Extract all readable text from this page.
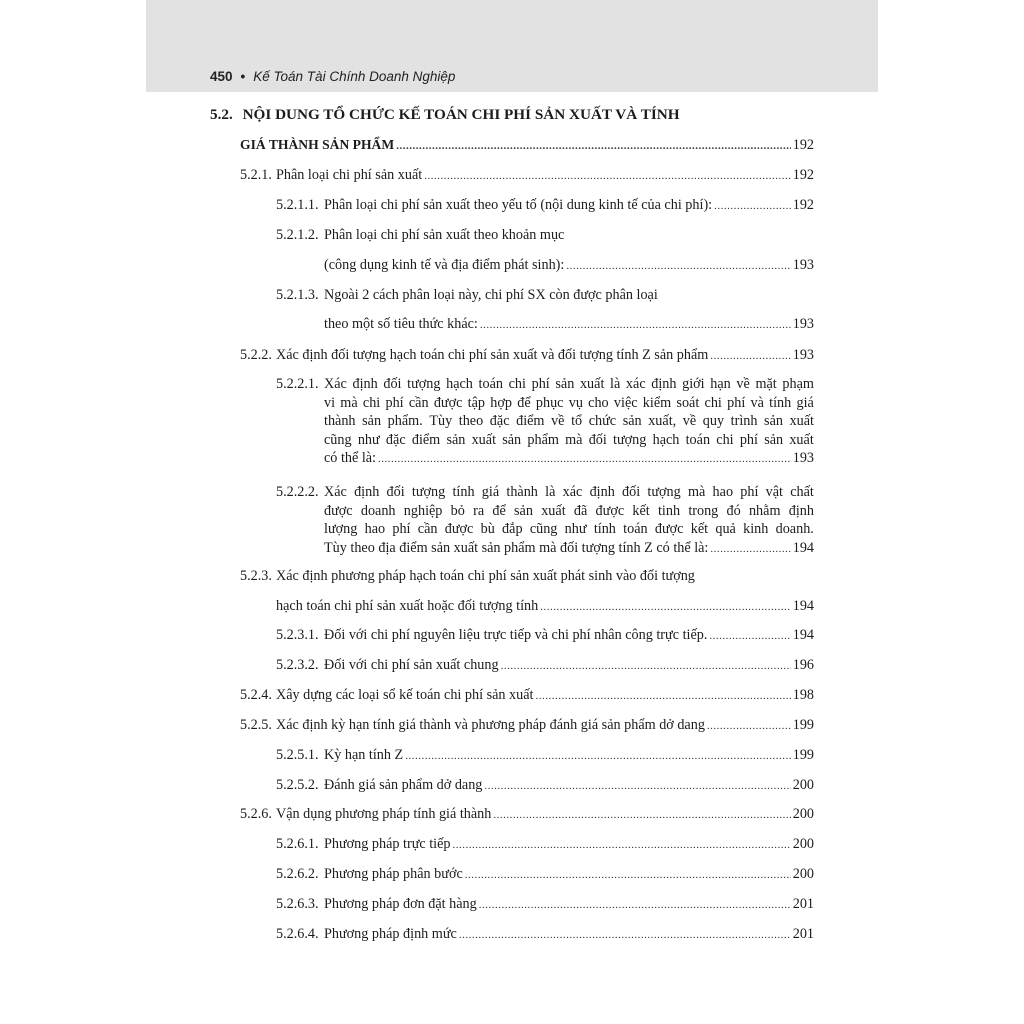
450 • Kế Toán Tài Chính Doanh Nghiệp
5.2. NỘI DUNG TỔ CHỨC KẾ TOÁN CHI PHÍ SẢN XUẤT VÀ TÍNH
GIÁ THÀNH SẢN PHẨM .....	192
5.2.1. Phân loại chi phí sản xuất .....	192
5.2.1.1. Phân loại chi phí sản xuất theo yếu tố (nội dung kinh tế của chi phí): .....	192
5.2.1.2. Phân loại chi phí sản xuất theo khoản mục
(công dụng kinh tế và địa điểm phát sinh): .....	193
5.2.1.3. Ngoài 2 cách phân loại này, chi phí SX còn được phân loại
theo một số tiêu thức khác: .....	193
5.2.2. Xác định đối tượng hạch toán chi phí sản xuất và đối tượng tính Z sản phẩm .....	193
5.2.2.1. Xác định đối tượng hạch toán chi phí sản xuất là xác định giới hạn về mặt phạm
vi mà chi phí cần được tập hợp để phục vụ cho việc kiểm soát chi phí và tính giá
thành sản phẩm. Tùy theo đặc điểm về tổ chức sản xuất, về quy trình sản xuất
cũng như đặc điểm sản xuất sản phẩm mà đối tượng hạch toán chi phí sản xuất
có thể là: .....	193
5.2.2.2. Xác định đối tượng tính giá thành là xác định đối tượng mà hao phí vật chất
được doanh nghiệp bỏ ra để sản xuất đã được kết tinh trong đó nhằm định
lượng hao phí cần được bù đắp cũng như tính toán được kết quả kinh doanh.
Tùy theo địa điểm sản xuất sản phẩm mà đối tượng tính Z có thể là: .....	194
5.2.3. Xác định phương pháp hạch toán chi phí sản xuất phát sinh vào đối tượng
hạch toán chi phí sản xuất hoặc đối tượng tính .....	194
5.2.3.1. Đối với chi phí nguyên liệu trực tiếp và chi phí nhân công trực tiếp. .....	194
5.2.3.2. Đối với chi phí sản xuất chung .....	196
5.2.4. Xây dựng các loại sổ kế toán chi phí sản xuất .....	198
5.2.5. Xác định kỳ hạn tính giá thành và phương pháp đánh giá sản phẩm dở dang .....	199
5.2.5.1. Kỳ hạn tính Z .....	199
5.2.5.2. Đánh giá sản phẩm dở dang .....	200
5.2.6. Vận dụng phương pháp tính giá thành .....	200
5.2.6.1. Phương pháp trực tiếp .....	200
5.2.6.2. Phương pháp phân bước .....	200
5.2.6.3. Phương pháp đơn đặt hàng .....	201
5.2.6.4. Phương pháp định mức .....	201
